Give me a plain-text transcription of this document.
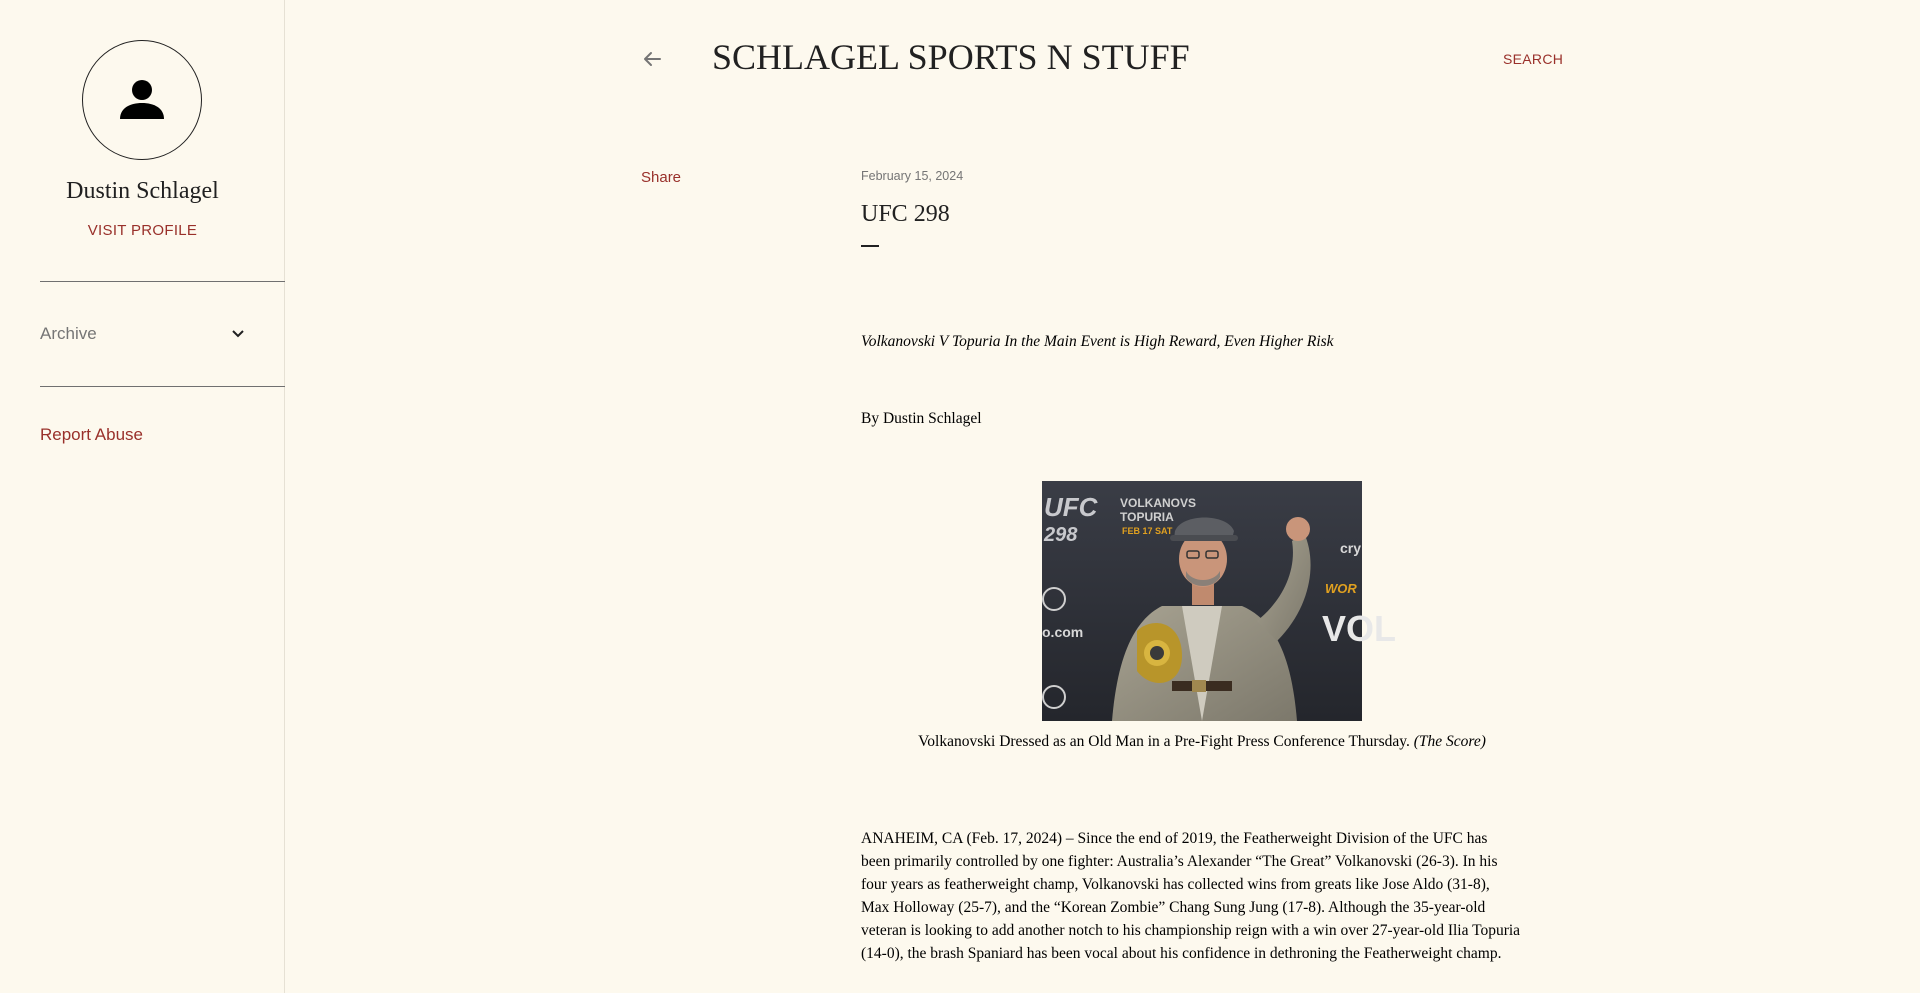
Dustin Schlagel
VISIT PROFILE
Archive
Report Abuse
SCHLAGEL SPORTS N STUFF	SEARCH
Share	February 15, 2024
UFC 298
Volkanovski V Topuria In the Main Event is High Reward, Even Higher Risk
By Dustin Schlagel
UFC
298
VOLKANOVS
TOPURIA
FEB 17 SAT
o.com
cry
WOR
VOL
Volkanovski Dressed as an Old Man in a Pre-Fight Press Conference Thursday. (The Score)
ANAHEIM, CA (Feb. 17, 2024) – Since the end of 2019, the Featherweight Division of the UFC has
been primarily controlled by one fighter: Australia’s Alexander “The Great” Volkanovski (26-3). In his
four years as featherweight champ, Volkanovski has collected wins from greats like Jose Aldo (31-8),
Max Holloway (25-7), and the “Korean Zombie” Chang Sung Jung (17-8). Although the 35-year-old
veteran is looking to add another notch to his championship reign with a win over 27-year-old Ilia Topuria
(14-0), the brash Spaniard has been vocal about his confidence in dethroning the Featherweight champ.
